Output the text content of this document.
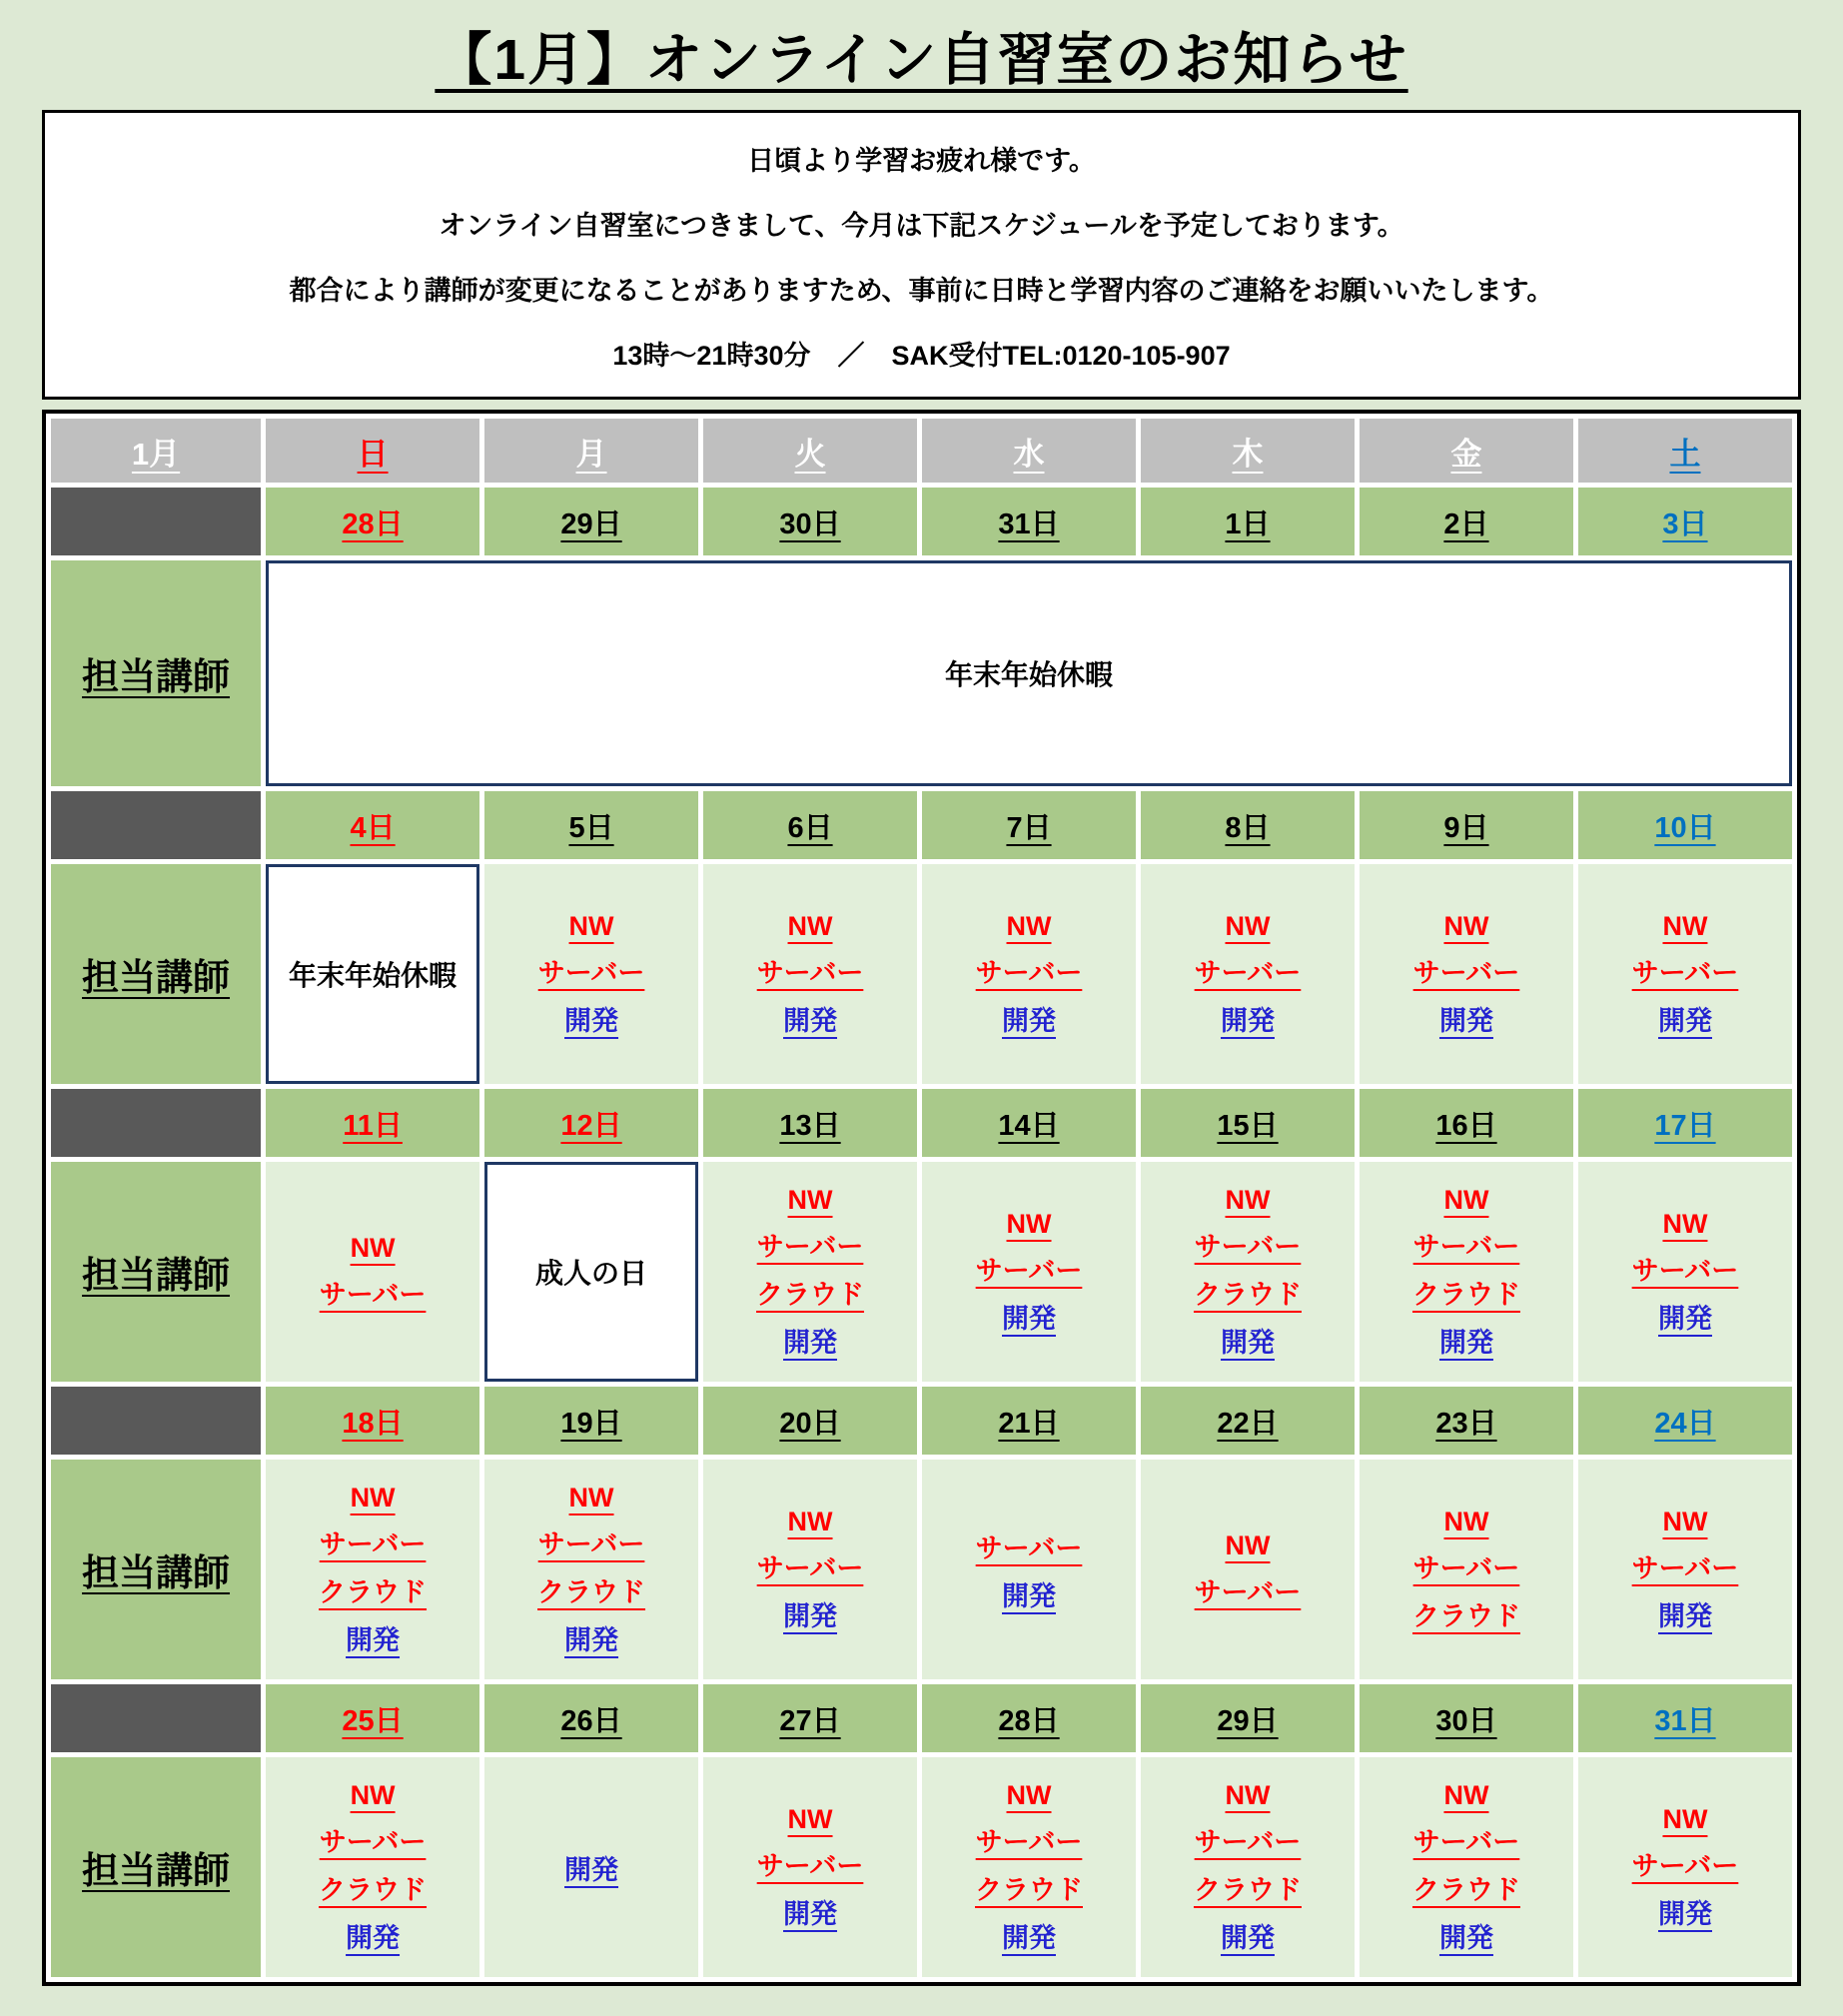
【1月】オンライン自習室のお知らせ

日頃より学習お疲れ様です。

オンライン自習室につきまして、今月は下記スケジュールを予定しております。

都合により講師が変更になることがありますため、事前に日時と学習内容のご連絡をお願いいたします。

13時～21時30分　／　SAK受付TEL:0120-105-907

1月	日	月	火	水	木	金	土
	28日	29日	30日	31日	1日	2日	3日
担当講師	年末年始休暇						
	4日	5日	6日	7日	8日	9日	10日
担当講師	年末年始休暇	NW
サーバー
開発	NW
サーバー
開発	NW
サーバー
開発	NW
サーバー
開発	NW
サーバー
開発	NW
サーバー
開発

	11日	12日	13日	14日	15日	16日	17日
担当講師	NW
サーバー	成人の日	NW
サーバー
クラウド
開発	NW
サーバー
開発	NW
サーバー
クラウド
開発	NW
サーバー
クラウド
開発	NW
サーバー
開発

	18日	19日	20日	21日	22日	23日	24日
担当講師	NW
サーバー
クラウド
開発	NW
サーバー
クラウド
開発	NW
サーバー
開発	サーバー
開発	NW
サーバー	NW
サーバー
クラウド	NW
サーバー
開発

	25日	26日	27日	28日	29日	30日	31日
担当講師	NW
サーバー
クラウド
開発	開発	NW
サーバー
開発	NW
サーバー
クラウド
開発	NW
サーバー
クラウド
開発	NW
サーバー
クラウド
開発	NW
サーバー
開発
